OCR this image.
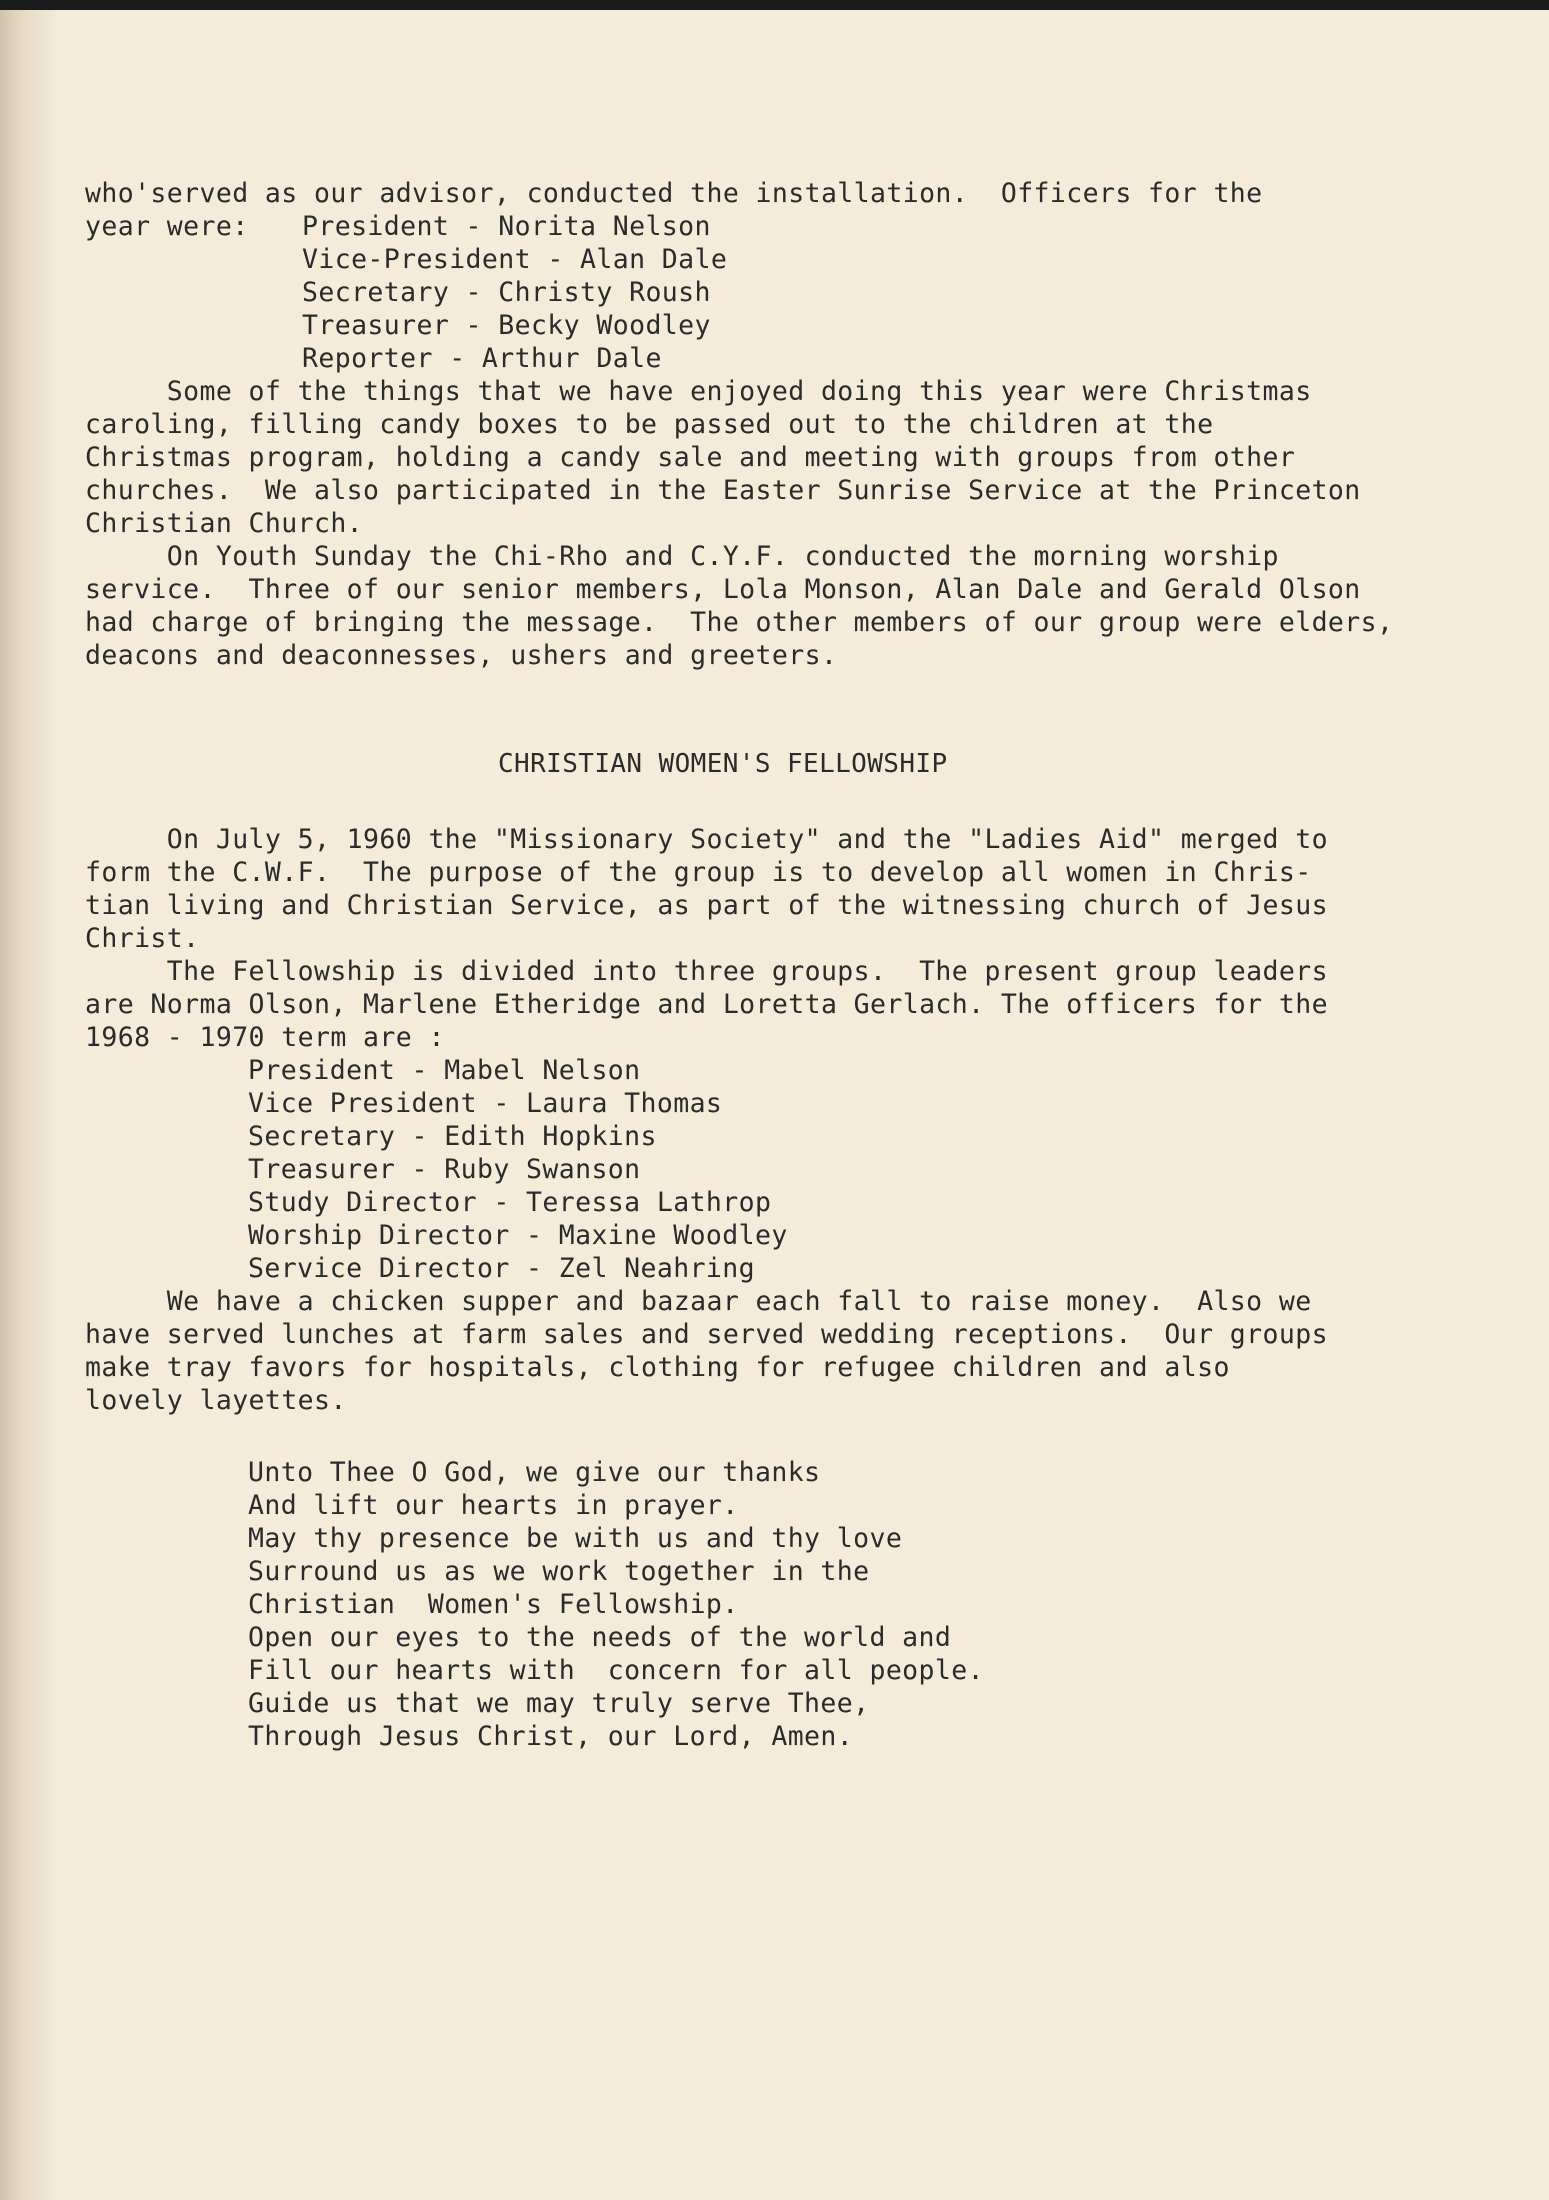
who'served as our advisor, conducted the installation.  Officers for the

year were:

President - Norita Nelson

Vice-President - Alan Dale

Secretary - Christy Roush

Treasurer - Becky Woodley

Reporter - Arthur Dale

Some of the things that we have enjoyed doing this year were Christmas

caroling, filling candy boxes to be passed out to the children at the

Christmas program, holding a candy sale and meeting with groups from other

churches.  We also participated in the Easter Sunrise Service at the Princeton

Christian Church.

On Youth Sunday the Chi-Rho and C.Y.F. conducted the morning worship

service.  Three of our senior members, Lola Monson, Alan Dale and Gerald Olson

had charge of bringing the message.  The other members of our group were elders,

deacons and deaconnesses, ushers and greeters.

CHRISTIAN WOMEN'S FELLOWSHIP

On July 5, 1960 the "Missionary Society" and the "Ladies Aid" merged to

form the C.W.F.  The purpose of the group is to develop all women in Chris-

tian living and Christian Service, as part of the witnessing church of Jesus

Christ.

The Fellowship is divided into three groups.  The present group leaders

are Norma Olson, Marlene Etheridge and Loretta Gerlach. The officers for the

1968 - 1970 term are :

President - Mabel Nelson

Vice President - Laura Thomas

Secretary - Edith Hopkins

Treasurer - Ruby Swanson

Study Director - Teressa Lathrop

Worship Director - Maxine Woodley

Service Director - Zel Neahring

We have a chicken supper and bazaar each fall to raise money.  Also we

have served lunches at farm sales and served wedding receptions.  Our groups

make tray favors for hospitals, clothing for refugee children and also

lovely layettes.

Unto Thee O God, we give our thanks

And lift our hearts in prayer.

May thy presence be with us and thy love

Surround us as we work together in the

Christian  Women's Fellowship.

Open our eyes to the needs of the world and

Fill our hearts with  concern for all people.

Guide us that we may truly serve Thee,

Through Jesus Christ, our Lord, Amen.
